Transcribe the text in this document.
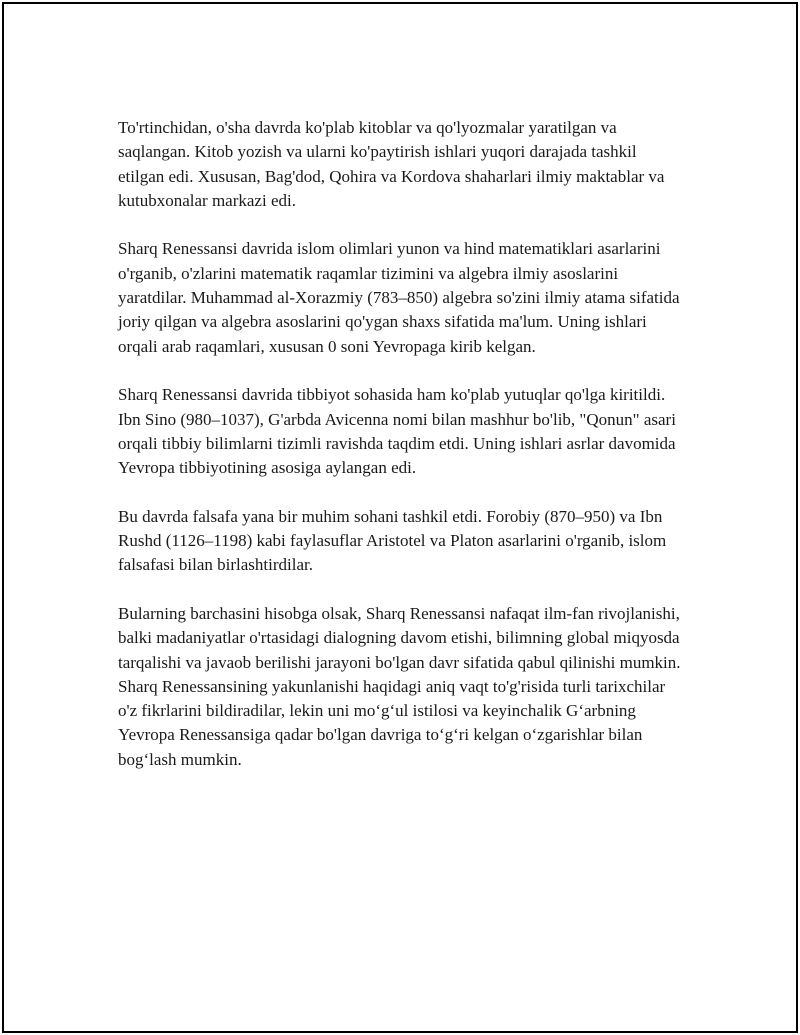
To'rtinchidan, o'sha davrda ko'plab kitoblar va qo'lyozmalar yaratilgan va saqlangan. Kitob yozish va ularni ko'paytirish ishlari yuqori darajada tashkil etilgan edi. Xususan, Bag'dod, Qohira va Kordova shaharlari ilmiy maktablar va kutubxonalar markazi edi.

Sharq Renessansi davrida islom olimlari yunon va hind matematiklari asarlarini o'rganib, o'zlarini matematik raqamlar tizimini va algebra ilmiy asoslarini yaratdilar. Muhammad al-Xorazmiy (783–850) algebra so'zini ilmiy atama sifatida joriy qilgan va algebra asoslarini qo'ygan shaxs sifatida ma'lum. Uning ishlari orqali arab raqamlari, xususan 0 soni Yevropaga kirib kelgan.

Sharq Renessansi davrida tibbiyot sohasida ham ko'plab yutuqlar qo'lga kiritildi. Ibn Sino (980–1037), G'arbda Avicenna nomi bilan mashhur bo'lib, "Qonun" asari orqali tibbiy bilimlarni tizimli ravishda taqdim etdi. Uning ishlari asrlar davomida Yevropa tibbiyotining asosiga aylangan edi.

Bu davrda falsafa yana bir muhim sohani tashkil etdi. Forobiy (870–950) va Ibn Rushd (1126–1198) kabi faylasuflar Aristotel va Platon asarlarini o'rganib, islom falsafasi bilan birlashtirdilar.

Bularning barchasini hisobga olsak, Sharq Renessansi nafaqat ilm-fan rivojlanishi, balki madaniyatlar o'rtasidagi dialogning davom etishi, bilimning global miqyosda tarqalishi va javaob berilishi jarayoni bo'lgan davr sifatida qabul qilinishi mumkin. Sharq Renessansining yakunlanishi haqidagi aniq vaqt to'g'risida turli tarixchilar o'z fikrlarini bildiradilar, lekin uni mo‘g‘ul istilosi va keyinchalik G‘arbning Yevropa Renessansiga qadar bo'lgan davriga to‘g‘ri kelgan o‘zgarishlar bilan bog‘lash mumkin.
